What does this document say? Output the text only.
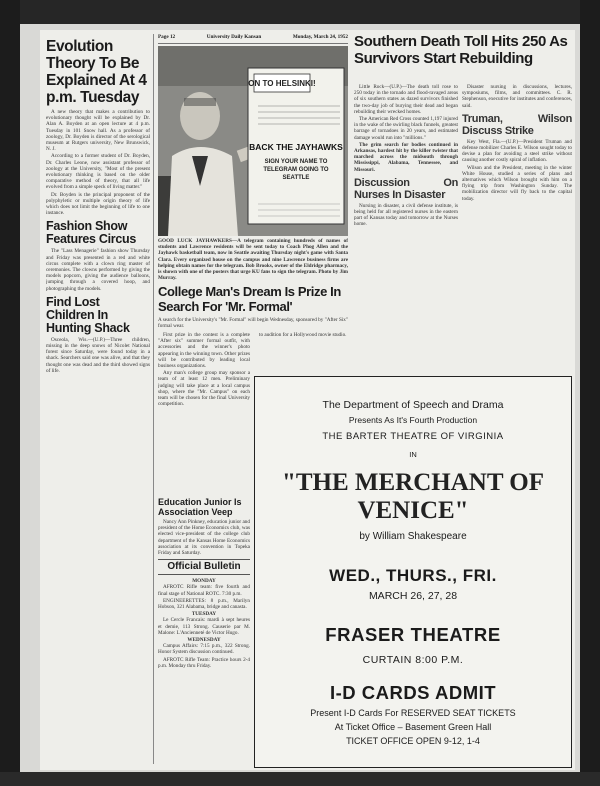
Evolution Theory To Be Explained At 4 p.m. Tuesday

A new theory that makes a contribution to evolutionary thought will be explained by Dr. Alan A. Boyden at an open lecture at 4 p.m. Tuesday in 101 Snow hall. As a professor of zoology, Dr. Boyden is director of the serological museum at Rutgers university, New Brunswick, N. J.

According to a former student of Dr. Boyden, Dr. Charles Leone, now assistant professor of zoology at the University, "Most of the present evolutionary thinking is based on the older comparative method of theory, that all life evolved from a simple speck of living matter."

Dr. Boyden is the principal proponent of the polyphyletic or multiple origin theory of life which does not limit the beginning of life to one instance.

Fashion Show Features Circus

The "Lass Menagerie" fashion show Thursday and Friday was presented in a red and white circus complete with a clown ring master of ceremonies. The clowns performed by giving the models popcorn, giving the audience balloons, jumping through a covered hoop, and photographing the models.

Find Lost Children In Hunting Shack

Osceola, Wis.—(U.P.)—Three children, missing in the deep snows of Nicolet National forest since Saturday, were found today in a shack. Searchers said one was alive, and that they thought one was dead and the third showed signs of life.

Page 12	University Daily Kansan	Monday, March 24, 1952
ON TO HELSINKI!
BACK THE JAYHAWKS
SIGN YOUR NAME TO TELEGRAM GOING TO SEATTLE
GOOD LUCK JAYHAWKERS—A telegram containing hundreds of names of students and Lawrence residents will be sent today to Coach Phog Allen and the Jayhawk basketball team, now in Seattle awaiting Thursday night's game with Santa Clara. Every organized house on the campus and nine Lawrence business firms are helping obtain names for the telegram. Bob Brooks, owner of the Eldridge pharmacy, is shown with one of the posters that urge KU fans to sign the telegram. Photo by Jim Murray.
College Man's Dream Is Prize In Search For 'Mr. Formal'
A search for the University's "Mr. Formal" will begin Wednesday, sponsored by "After Six" formal wear.

First prize in the contest is a complete "After six" summer formal outfit, with accessories and the winner's photo appearing in the winning town. Other prizes will be contributed by leading local business organizations.

Any man's college group may sponsor a team of at least 12 men. Preliminary judging will take place at a local campus shop, where the "Mr. Campus" on each team will be chosen for the final University competition.

to audition for a Hollywood movie studio.

Education Junior Is Association Veep

Nancy Ann Pinkney, education junior and president of the Home Economics club, was elected vice-president of the college club department of the Kansas Home Economics association at its convention in Topeka Friday and Saturday.

Official Bulletin
MONDAY

AFROTC Rifle team: five fourth and final stage of National ROTC. 7:30 p.m.

ENGINEERETTES: 8 p.m., Marilyn Hobson, 321 Alabama, bridge and canasta.

TUESDAY

Le Cercle Francais: mardi à sept heures et demie, 113 Strong. Causerie par M. Malone: L'Ancienneté de Victor Hugo.

WEDNESDAY

Campus Affairs: 7:15 p.m., 322 Strong. Honor System discussion continued.

AFROTC Rifle Team: Practice hours 2-4 p.m. Monday thru Friday.

Southern Death Toll Hits 250 As Survivors Start Rebuilding

Little Rock—(U.P.)—The death toll rose to 250 today in the tornado and flood-ravaged areas of six southern states as dazed survivors finished the two-day job of burying their dead and began rebuilding their wrecked homes.

The American Red Cross counted 1,197 injured in the wake of the swirling black funnels, greatest barrage of tornadoes in 20 years, and estimated damage would run into "millions."

The grim search for bodies continued in Arkansas, hardest hit by the killer twister that marched across the midsouth through Mississippi, Alabama, Tennessee, and Missouri.

Discussion On Nurses In Disaster

Nursing in disaster, a civil defense institute, is being held for all registered nurses in the eastern part of Kansas today and tomorrow at the Nurses home.

Disaster nursing in discussions, lectures, symposiums, films, and committees. C. R. Stephenson, executive for institutes and conferences, said.

Truman, Wilson Discuss Strike

Key West, Fla.—(U.P.)—President Truman and defense mobilizer Charles E. Wilson sought today to devise a plan for avoiding a steel strike without causing another costly spiral of inflation.

Wilson and the President, meeting in the winter White House, studied a series of plans and alternatives which Wilson brought with him on a flying trip from Washington Sunday. The mobilization director will fly back to the capital today.

The Department of Speech and Drama
Presents As It's Fourth Production
THE BARTER THEATRE OF VIRGINIA
IN
"THE MERCHANT OF VENICE"
by William Shakespeare
WED., THURS., FRI.
MARCH 26, 27, 28
FRASER THEATRE
CURTAIN 8:00 P.M.
I-D CARDS ADMIT
Present I-D Cards For RESERVED SEAT TICKETS
At Ticket Office – Basement Green Hall
TICKET OFFICE OPEN 9-12, 1-4
